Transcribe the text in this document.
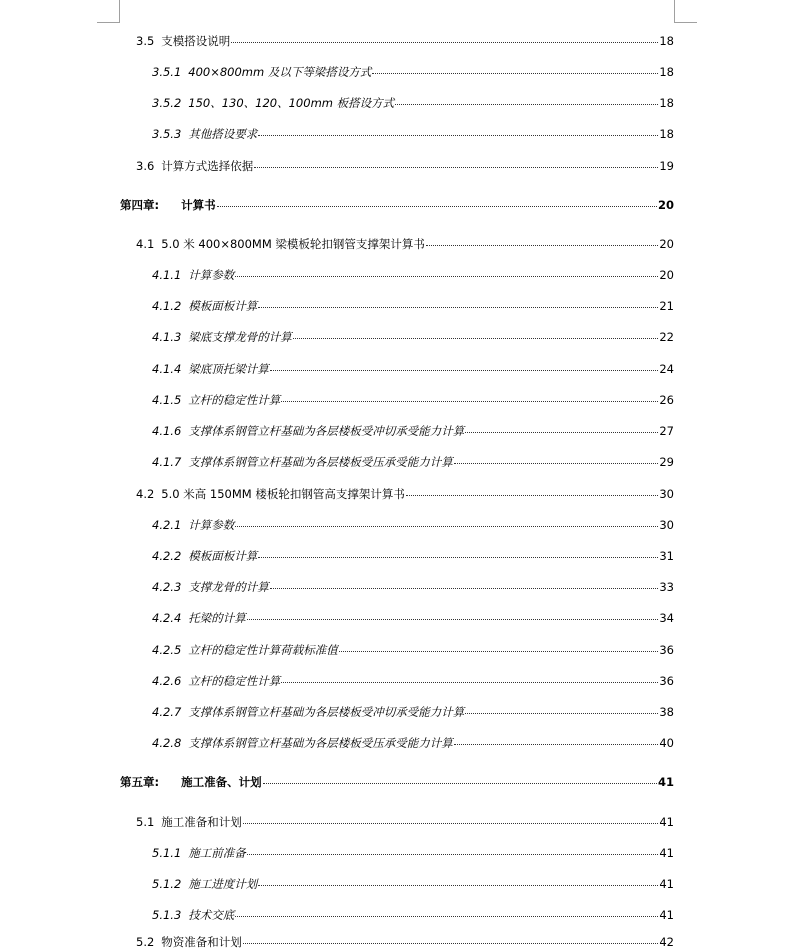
3.5 支模搭设说明	18
3.5.1 400×800mm 及以下等梁搭设方式	18
3.5.2 150、130、120、100mm 板搭设方式	18
3.5.3 其他搭设要求	18
3.6 计算方式选择依据	19
第四章: 计算书	20
4.1 5.0 米 400×800MM 梁模板轮扣钢管支撑架计算书	20
4.1.1 计算参数	20
4.1.2 模板面板计算	21
4.1.3 梁底支撑龙骨的计算	22
4.1.4 梁底顶托梁计算	24
4.1.5 立杆的稳定性计算	26
4.1.6 支撑体系钢管立杆基础为各层楼板受冲切承受能力计算	27
4.1.7 支撑体系钢管立杆基础为各层楼板受压承受能力计算	29
4.2 5.0 米高 150MM 楼板轮扣钢管高支撑架计算书	30
4.2.1 计算参数	30
4.2.2 模板面板计算	31
4.2.3 支撑龙骨的计算	33
4.2.4 托梁的计算	34
4.2.5 立杆的稳定性计算荷载标准值	36
4.2.6 立杆的稳定性计算	36
4.2.7 支撑体系钢管立杆基础为各层楼板受冲切承受能力计算	38
4.2.8 支撑体系钢管立杆基础为各层楼板受压承受能力计算	40
第五章: 施工准备、计划	41
5.1 施工准备和计划	41
5.1.1 施工前准备	41
5.1.2 施工进度计划	41
5.1.3 技术交底	41
5.2 物资准备和计划	42
